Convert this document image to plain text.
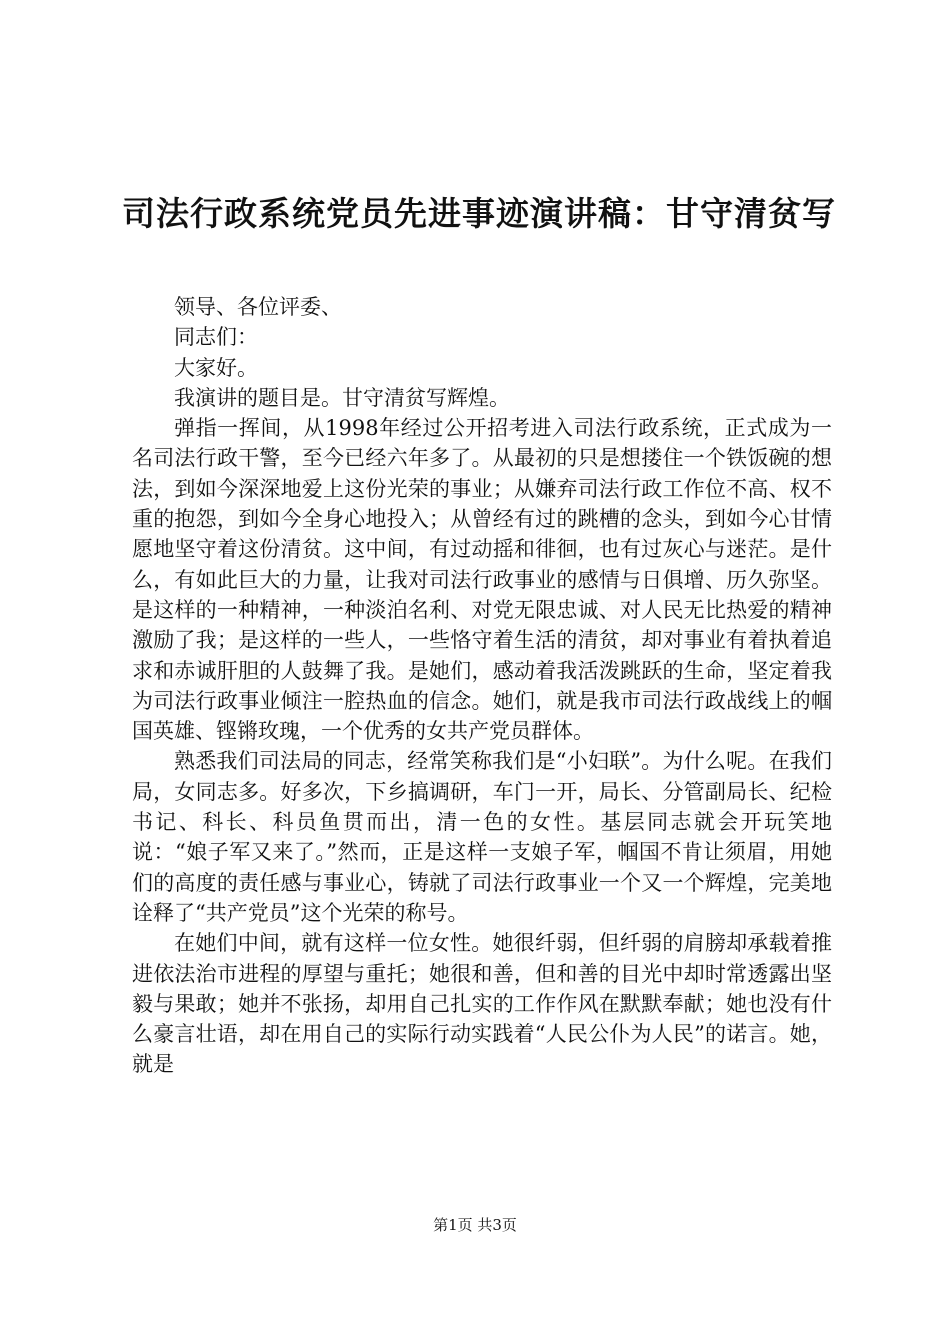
司法行政系统党员先进事迹演讲稿：甘守清贫写

领导、各位评委、

同志们：

大家好。

我演讲的题目是。甘守清贫写辉煌。

弹指一挥间，从1998年经过公开招考进入司法行政系统，正式成为一名司法行政干警，至今已经六年多了。从最初的只是想搂住一个铁饭碗的想法，到如今深深地爱上这份光荣的事业；从嫌弃司法行政工作位不高、权不重的抱怨，到如今全身心地投入；从曾经有过的跳槽的念头，到如今心甘情愿地坚守着这份清贫。这中间，有过动摇和徘徊，也有过灰心与迷茫。是什么，有如此巨大的力量，让我对司法行政事业的感情与日俱增、历久弥坚。是这样的一种精神，一种淡泊名利、对党无限忠诚、对人民无比热爱的精神激励了我；是这样的一些人，一些恪守着生活的清贫，却对事业有着执着追求和赤诚肝胆的人鼓舞了我。是她们，感动着我活泼跳跃的生命，坚定着我为司法行政事业倾注一腔热血的信念。她们，就是我市司法行政战线上的帼国英雄、铿锵玫瑰，一个优秀的女共产党员群体。

熟悉我们司法局的同志，经常笑称我们是“小妇联”。为什么呢。在我们局，女同志多。好多次，下乡搞调研，车门一开，局长、分管副局长、纪检书记、科长、科员鱼贯而出，清一色的女性。基层同志就会开玩笑地说：“娘子军又来了。”然而，正是这样一支娘子军，帼国不肯让须眉，用她们的高度的责任感与事业心，铸就了司法行政事业一个又一个辉煌，完美地诠释了“共产党员”这个光荣的称号。

在她们中间，就有这样一位女性。她很纤弱，但纤弱的肩膀却承载着推进依法治市进程的厚望与重托；她很和善，但和善的目光中却时常透露出坚毅与果敢；她并不张扬，却用自己扎实的工作作风在默默奉献；她也没有什么豪言壮语，却在用自己的实际行动实践着“人民公仆为人民”的诺言。她，就是

第1页 共3页
